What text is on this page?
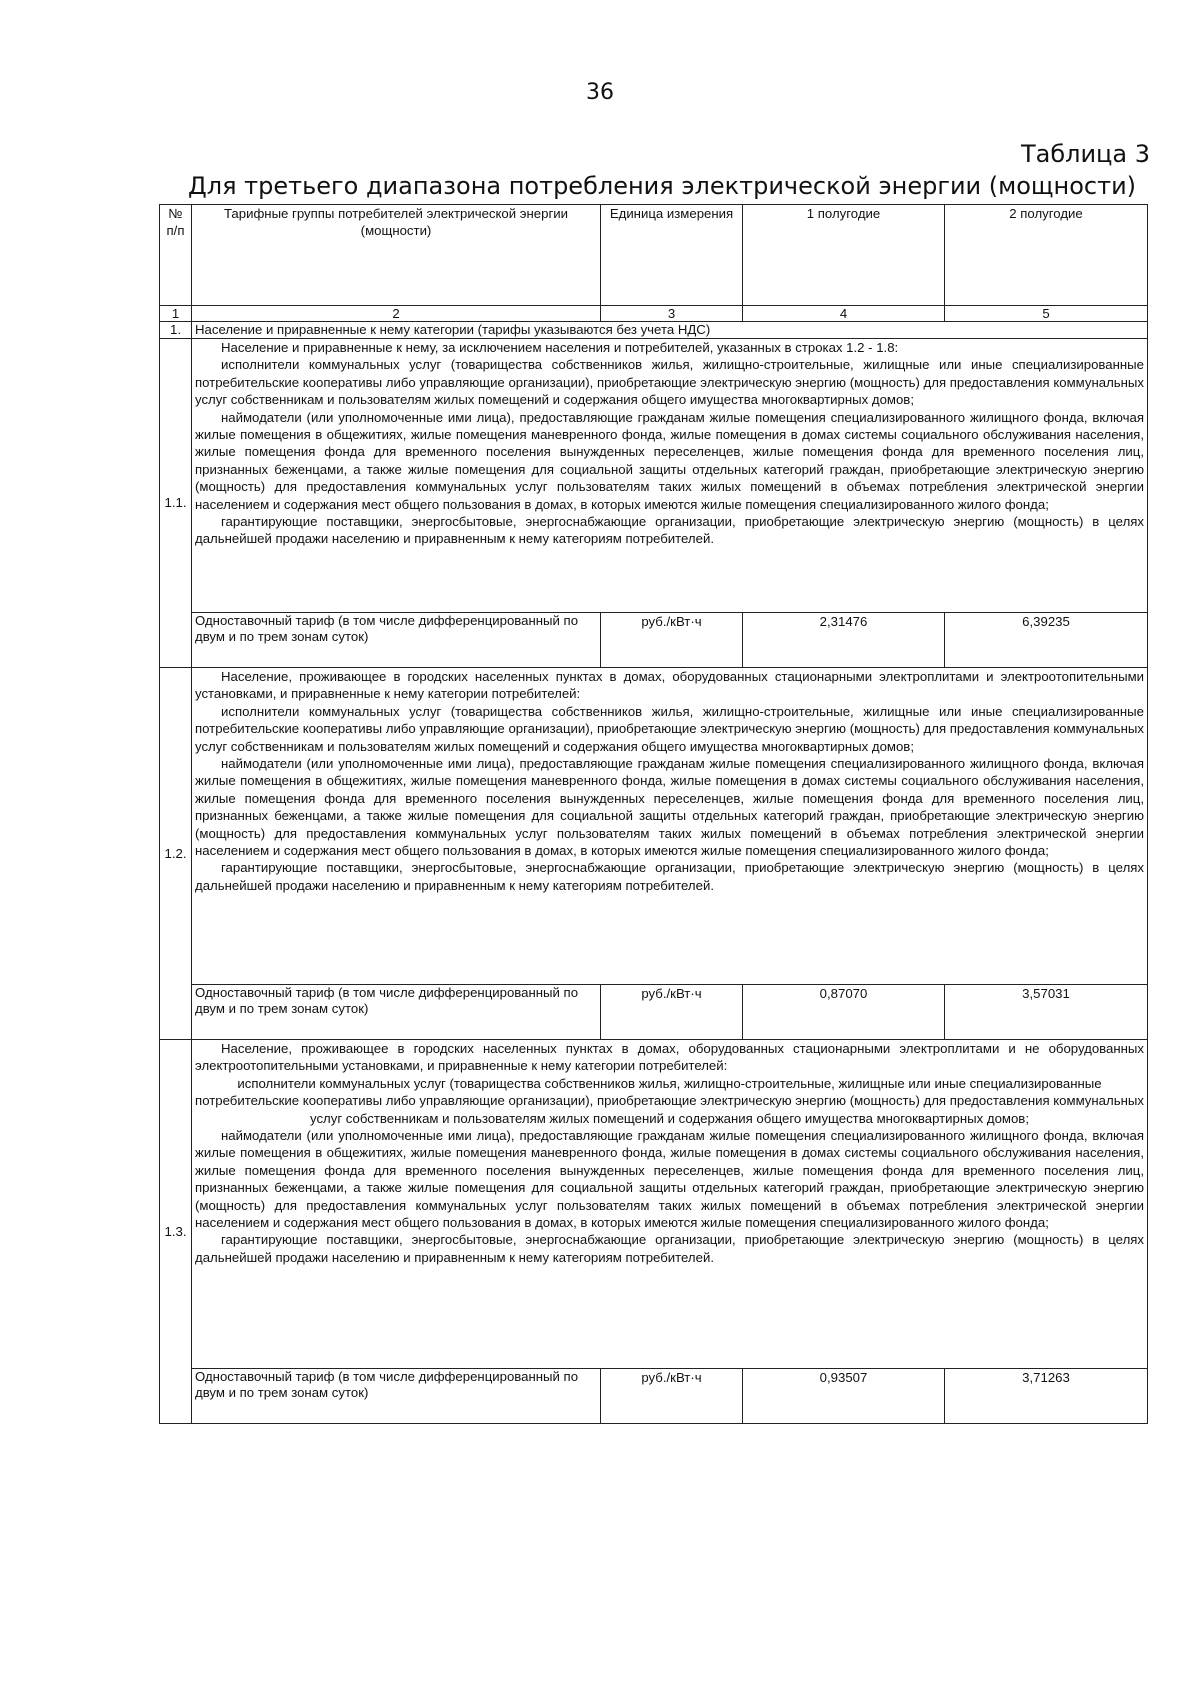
36
Таблица 3
Для третьего диапазона потребления электрической энергии (мощности)
№ п/п	Тарифные группы потребителей электрической энергии (мощности)	Единица измерения	1 полугодие	2 полугодие
1	2	3	4	5
1.	Население и приравненные к нему категории (тарифы указываются без учета НДС)			
1.1.	Население и приравненные к нему, за исключением населения и потребителей, указанных в строках 1.2 - 1.8:

исполнители коммунальных услуг (товарищества собственников жилья, жилищно-строительные, жилищные или иные специализированные потребительские кооперативы либо управляющие организации), приобретающие электрическую энергию (мощность) для предоставления коммунальных услуг собственникам и пользователям жилых помещений и содержания общего имущества многоквартирных домов;

наймодатели (или уполномоченные ими лица), предоставляющие гражданам жилые помещения специализированного жилищного фонда, включая жилые помещения в общежитиях, жилые помещения маневренного фонда, жилые помещения в домах системы социального обслуживания населения, жилые помещения фонда для временного поселения вынужденных переселенцев, жилые помещения фонда для временного поселения лиц, признанных беженцами, а также жилые помещения для социальной защиты отдельных категорий граждан, приобретающие электрическую энергию (мощность) для предоставления коммунальных услуг пользователям таких жилых помещений в объемах потребления электрической энергии населением и содержания мест общего пользования в домах, в которых имеются жилые помещения специализированного жилого фонда;

гарантирующие поставщики, энергосбытовые, энергоснабжающие организации, приобретающие электрическую энергию (мощность) в целях дальнейшей продажи населению и приравненным к нему категориям потребителей.			

	Одноставочный тариф (в том числе дифференцированный по двум и по трем зонам суток)	руб./кВт·ч	2,31476	6,39235
1.2.	Население, проживающее в городских населенных пунктах в домах, оборудованных стационарными электроплитами и электроотопительными установками, и приравненные к нему категории потребителей:

исполнители коммунальных услуг (товарищества собственников жилья, жилищно-строительные, жилищные или иные специализированные потребительские кооперативы либо управляющие организации), приобретающие электрическую энергию (мощность) для предоставления коммунальных услуг собственникам и пользователям жилых помещений и содержания общего имущества многоквартирных домов;

наймодатели (или уполномоченные ими лица), предоставляющие гражданам жилые помещения специализированного жилищного фонда, включая жилые помещения в общежитиях, жилые помещения маневренного фонда, жилые помещения в домах системы социального обслуживания населения, жилые помещения фонда для временного поселения вынужденных переселенцев, жилые помещения фонда для временного поселения лиц, признанных беженцами, а также жилые помещения для социальной защиты отдельных категорий граждан, приобретающие электрическую энергию (мощность) для предоставления коммунальных услуг пользователям таких жилых помещений в объемах потребления электрической энергии населением и содержания мест общего пользования в домах, в которых имеются жилые помещения специализированного жилого фонда;

гарантирующие поставщики, энергосбытовые, энергоснабжающие организации, приобретающие электрическую энергию (мощность) в целях дальнейшей продажи населению и приравненным к нему категориям потребителей.			

	Одноставочный тариф (в том числе дифференцированный по двум и по трем зонам суток)	руб./кВт·ч	0,87070	3,57031
1.3.	Население, проживающее в городских населенных пунктах в домах, оборудованных стационарными электроплитами и не оборудованных электроотопительными установками, и приравненные к нему категории потребителей:

исполнители коммунальных услуг (товарищества собственников жилья, жилищно-строительные, жилищные или иные специализированные потребительские кооперативы либо управляющие организации), приобретающие электрическую энергию (мощность) для предоставления коммунальных услуг собственникам и пользователям жилых помещений и содержания общего имущества многоквартирных домов;

наймодатели (или уполномоченные ими лица), предоставляющие гражданам жилые помещения специализированного жилищного фонда, включая жилые помещения в общежитиях, жилые помещения маневренного фонда, жилые помещения в домах системы социального обслуживания населения, жилые помещения фонда для временного поселения вынужденных переселенцев, жилые помещения фонда для временного поселения лиц, признанных беженцами, а также жилые помещения для социальной защиты отдельных категорий граждан, приобретающие электрическую энергию (мощность) для предоставления коммунальных услуг пользователям таких жилых помещений в объемах потребления электрической энергии населением и содержания мест общего пользования в домах, в которых имеются жилые помещения специализированного жилого фонда;

гарантирующие поставщики, энергосбытовые, энергоснабжающие организации, приобретающие электрическую энергию (мощность) в целях дальнейшей продажи населению и приравненным к нему категориям потребителей.			

	Одноставочный тариф (в том числе дифференцированный по двум и по трем зонам суток)	руб./кВт·ч	0,93507	3,71263
